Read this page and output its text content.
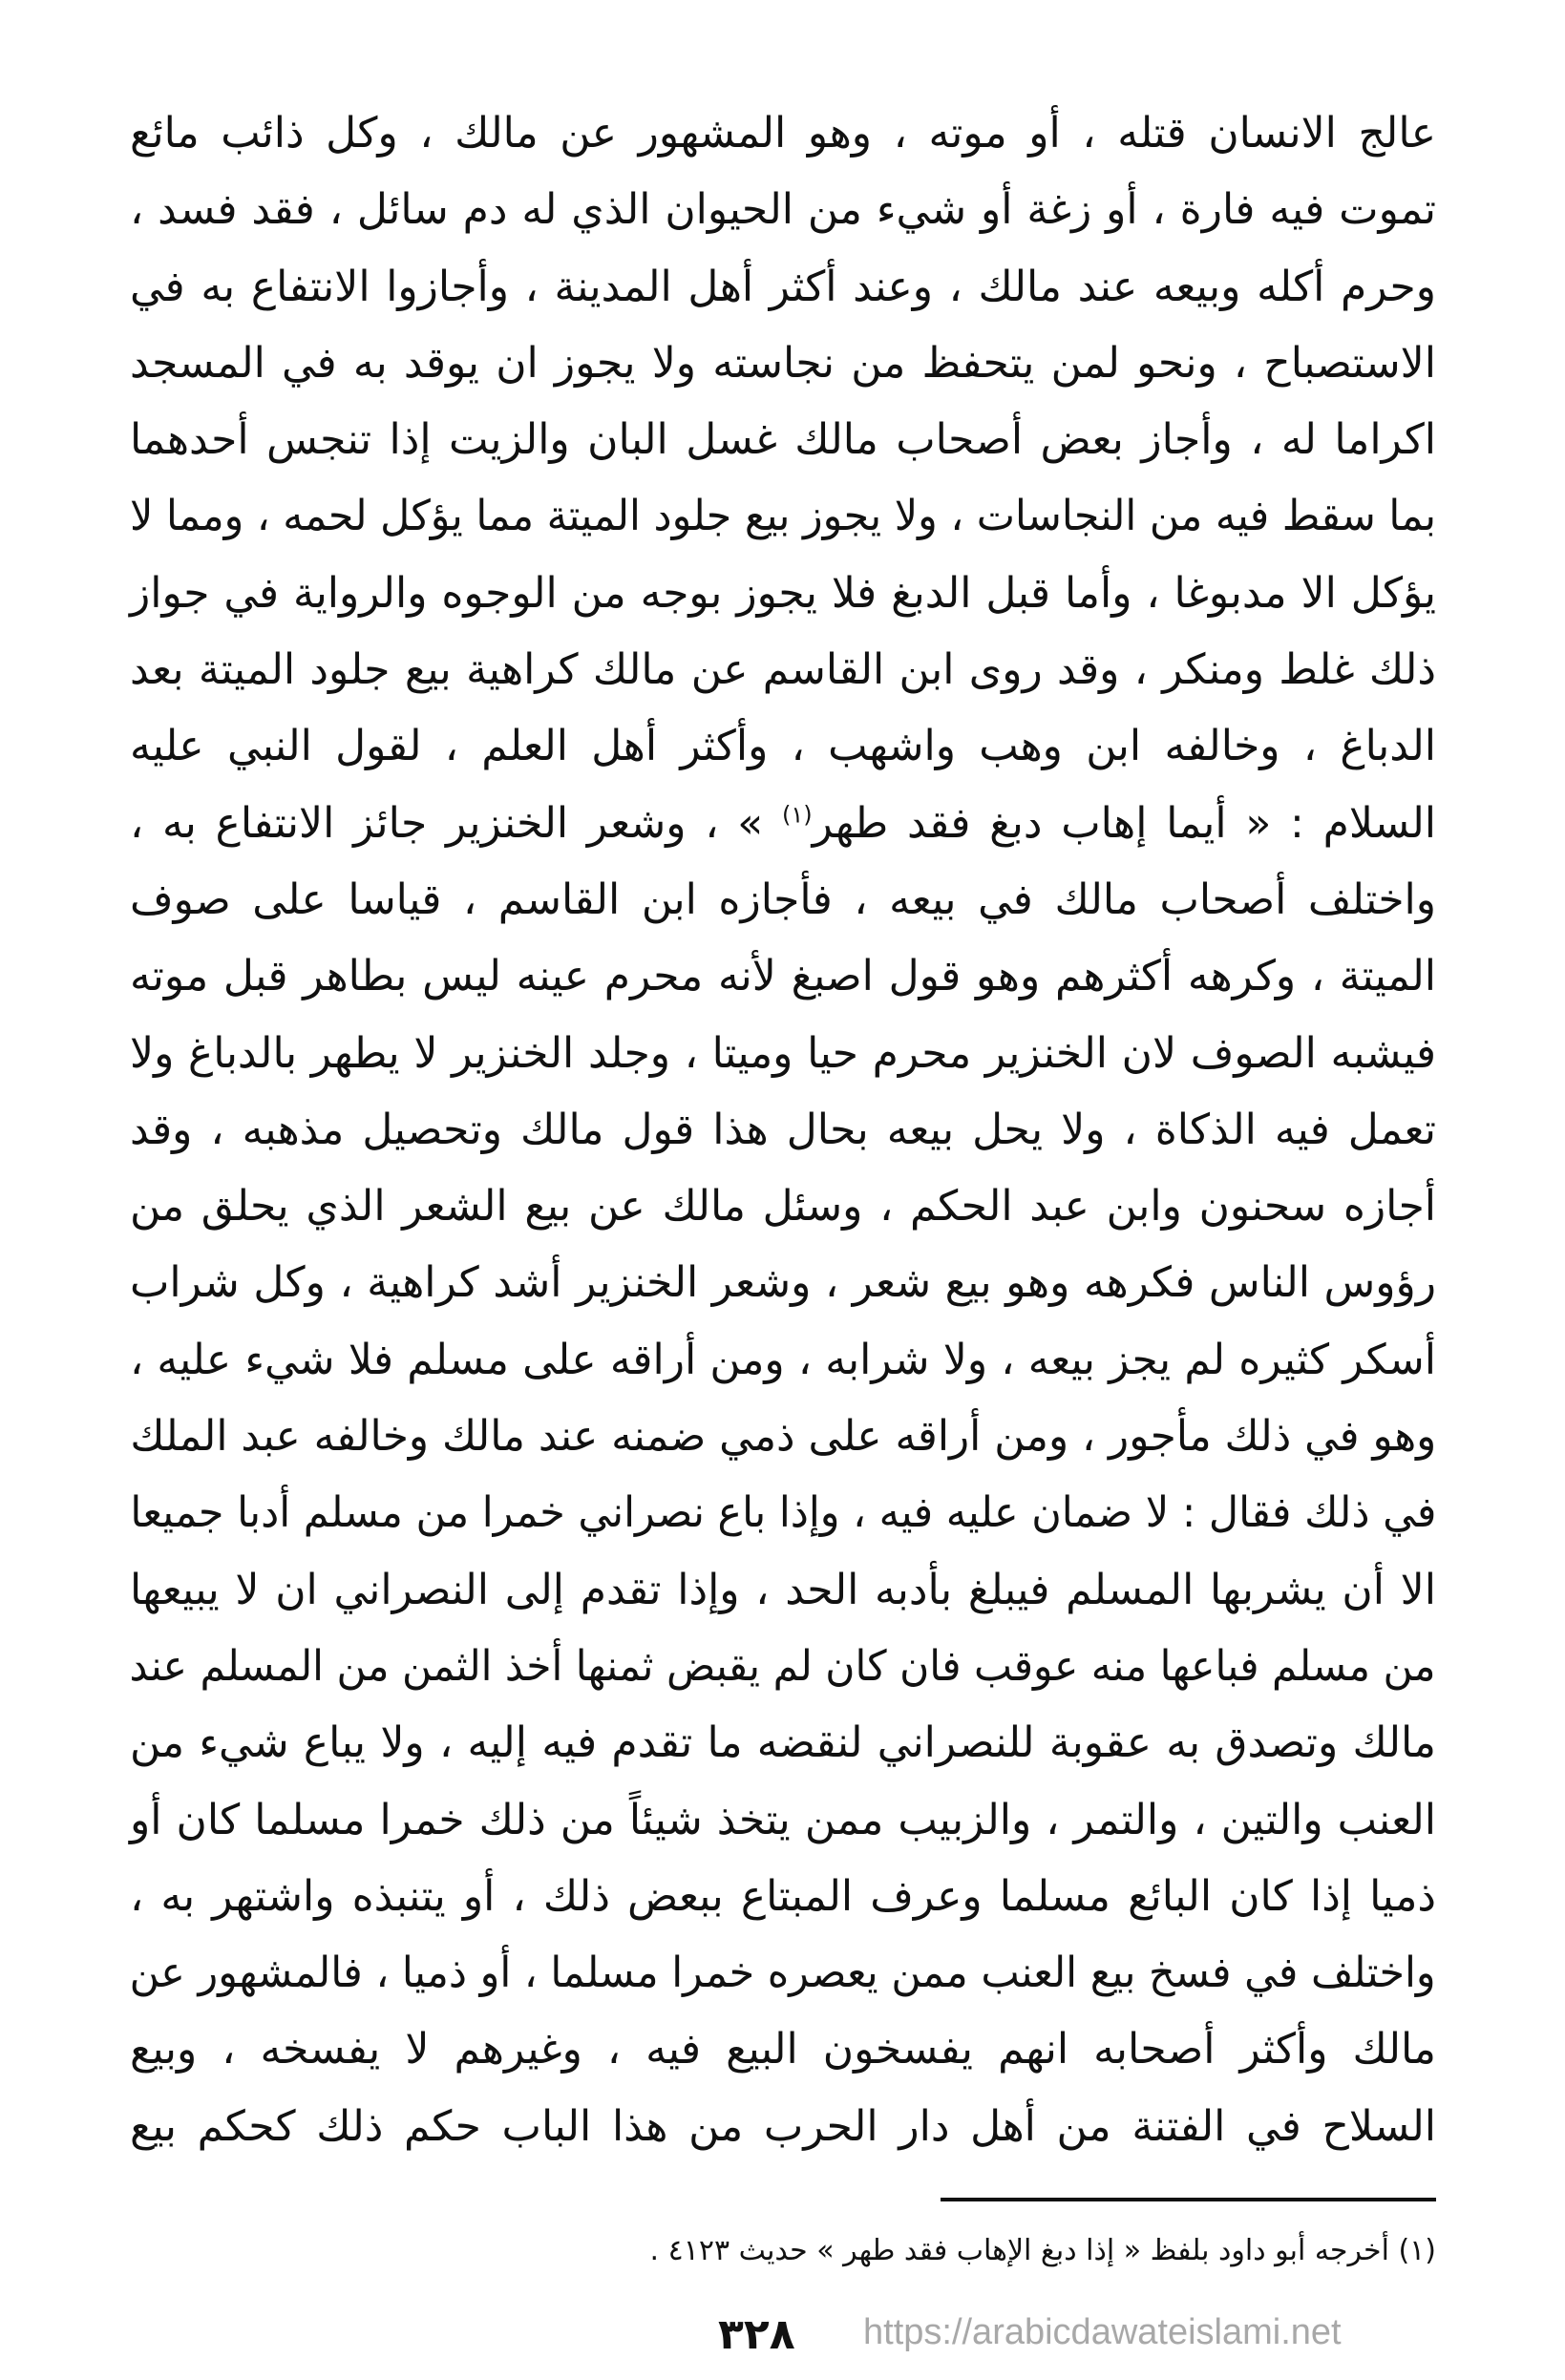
عالج الانسان قتله ، أو موته ، وهو المشهور عن مالك ، وكل ذائب مائع
تموت فيه فارة ، أو زغة أو شيء من الحيوان الذي له دم سائل ، فقد فسد ،
وحرم أكله وبيعه عند مالك ، وعند أكثر أهل المدينة ، وأجازوا الانتفاع به في
الاستصباح ، ونحو لمن يتحفظ من نجاسته ولا يجوز ان يوقد به في المسجد
اكراما له ، وأجاز بعض أصحاب مالك غسل البان والزيت إذا تنجس أحدهما
بما سقط فيه من النجاسات ، ولا يجوز بيع جلود الميتة مما يؤكل لحمه ، ومما لا
يؤكل الا مدبوغا ، وأما قبل الدبغ فلا يجوز بوجه من الوجوه والرواية في جواز
ذلك غلط ومنكر ، وقد روى ابن القاسم عن مالك كراهية بيع جلود الميتة بعد
الدباغ ، وخالفه ابن وهب واشهب ، وأكثر أهل العلم ، لقول النبي عليه
السلام : « أيما إهاب دبغ فقد طهر$^{(١)}$ » ، وشعر الخنزير جائز الانتفاع به ،
واختلف أصحاب مالك في بيعه ، فأجازه ابن القاسم ، قياسا على صوف
الميتة ، وكرهه أكثرهم وهو قول اصبغ لأنه محرم عينه ليس بطاهر قبل موته
فيشبه الصوف لان الخنزير محرم حيا وميتا ، وجلد الخنزير لا يطهر بالدباغ ولا
تعمل فيه الذكاة ، ولا يحل بيعه بحال هذا قول مالك وتحصيل مذهبه ، وقد
أجازه سحنون وابن عبد الحكم ، وسئل مالك عن بيع الشعر الذي يحلق من
رؤوس الناس فكرهه وهو بيع شعر ، وشعر الخنزير أشد كراهية ، وكل شراب
أسكر كثيره لم يجز بيعه ، ولا شرابه ، ومن أراقه على مسلم فلا شيء عليه ،
وهو في ذلك مأجور ، ومن أراقه على ذمي ضمنه عند مالك وخالفه عبد الملك
في ذلك فقال : لا ضمان عليه فيه ، وإذا باع نصراني خمرا من مسلم أدبا جميعا
الا أن يشربها المسلم فيبلغ بأدبه الحد ، وإذا تقدم إلى النصراني ان لا يبيعها
من مسلم فباعها منه عوقب فان كان لم يقبض ثمنها أخذ الثمن من المسلم عند
مالك وتصدق به عقوبة للنصراني لنقضه ما تقدم فيه إليه ، ولا يباع شيء من
العنب والتين ، والتمر ، والزبيب ممن يتخذ شيئاً من ذلك خمرا مسلما كان أو
ذميا إذا كان البائع مسلما وعرف المبتاع ببعض ذلك ، أو يتنبذه واشتهر به ،
واختلف في فسخ بيع العنب ممن يعصره خمرا مسلما ، أو ذميا ، فالمشهور عن
مالك وأكثر أصحابه انهم يفسخون البيع فيه ، وغيرهم لا يفسخه ، وبيع
السلاح في الفتنة من أهل دار الحرب من هذا الباب حكم ذلك كحكم بيع
(١) أخرجه أبو داود بلفظ « إذا دبغ الإهاب فقد طهر » حديث ٤١٢٣ .
٣٢٨ https://arabicdawateislami.net
